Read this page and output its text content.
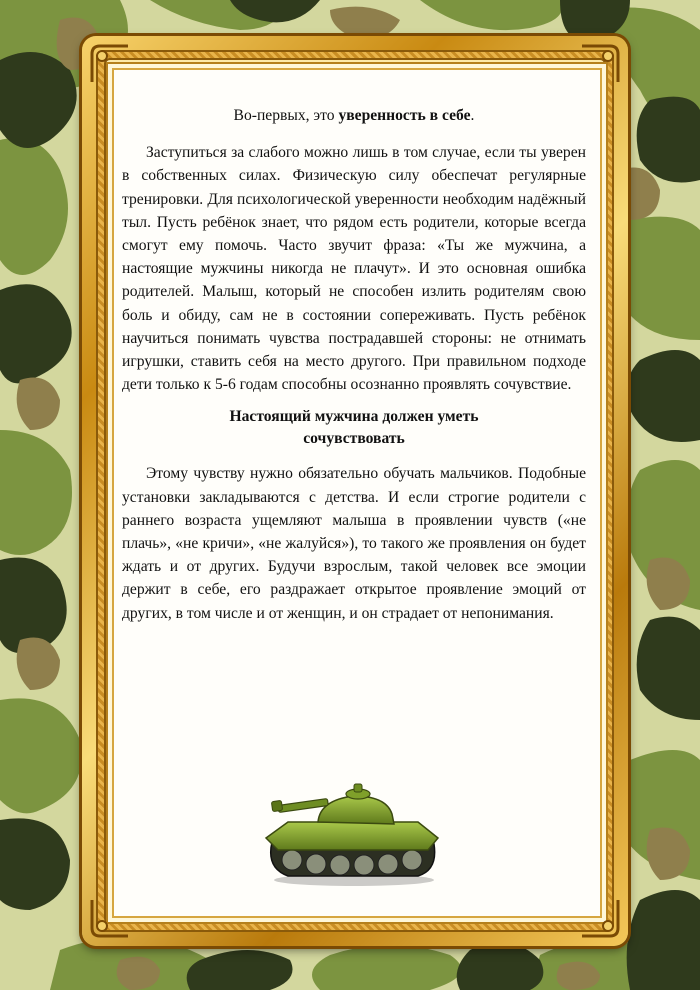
Во-первых, это уверенность в себе.

Заступиться за слабого можно лишь в том случае, если ты уверен в собственных силах. Физическую силу обеспечат регулярные тренировки. Для психологической уверенности необходим надёжный тыл. Пусть ребёнок знает, что рядом есть родители, которые всегда смогут ему помочь. Часто звучит фраза: «Ты же мужчина, а настоящие мужчины никогда не плачут». И это основная ошибка родителей. Малыш, который не способен излить родителям свою боль и обиду, сам не в состоянии сопереживать. Пусть ребёнок научиться понимать чувства пострадавшей стороны: не отнимать игрушки, ставить себя на место другого. При правильном подходе дети только к 5-6 годам способны осознанно проявлять сочувствие.

Настоящий мужчина должен уметь
сочувствовать

Этому чувству нужно обязательно обучать мальчиков. Подобные установки закладываются с детства. И если строгие родители с раннего возраста ущемляют малыша в проявлении чувств («не плачь», «не кричи», «не жалуйся»), то такого же проявления он будет ждать и от других. Будучи взрослым, такой человек все эмоции держит в себе, его раздражает открытое проявление эмоций от других, в том числе и от женщин, и он страдает от непонимания.
